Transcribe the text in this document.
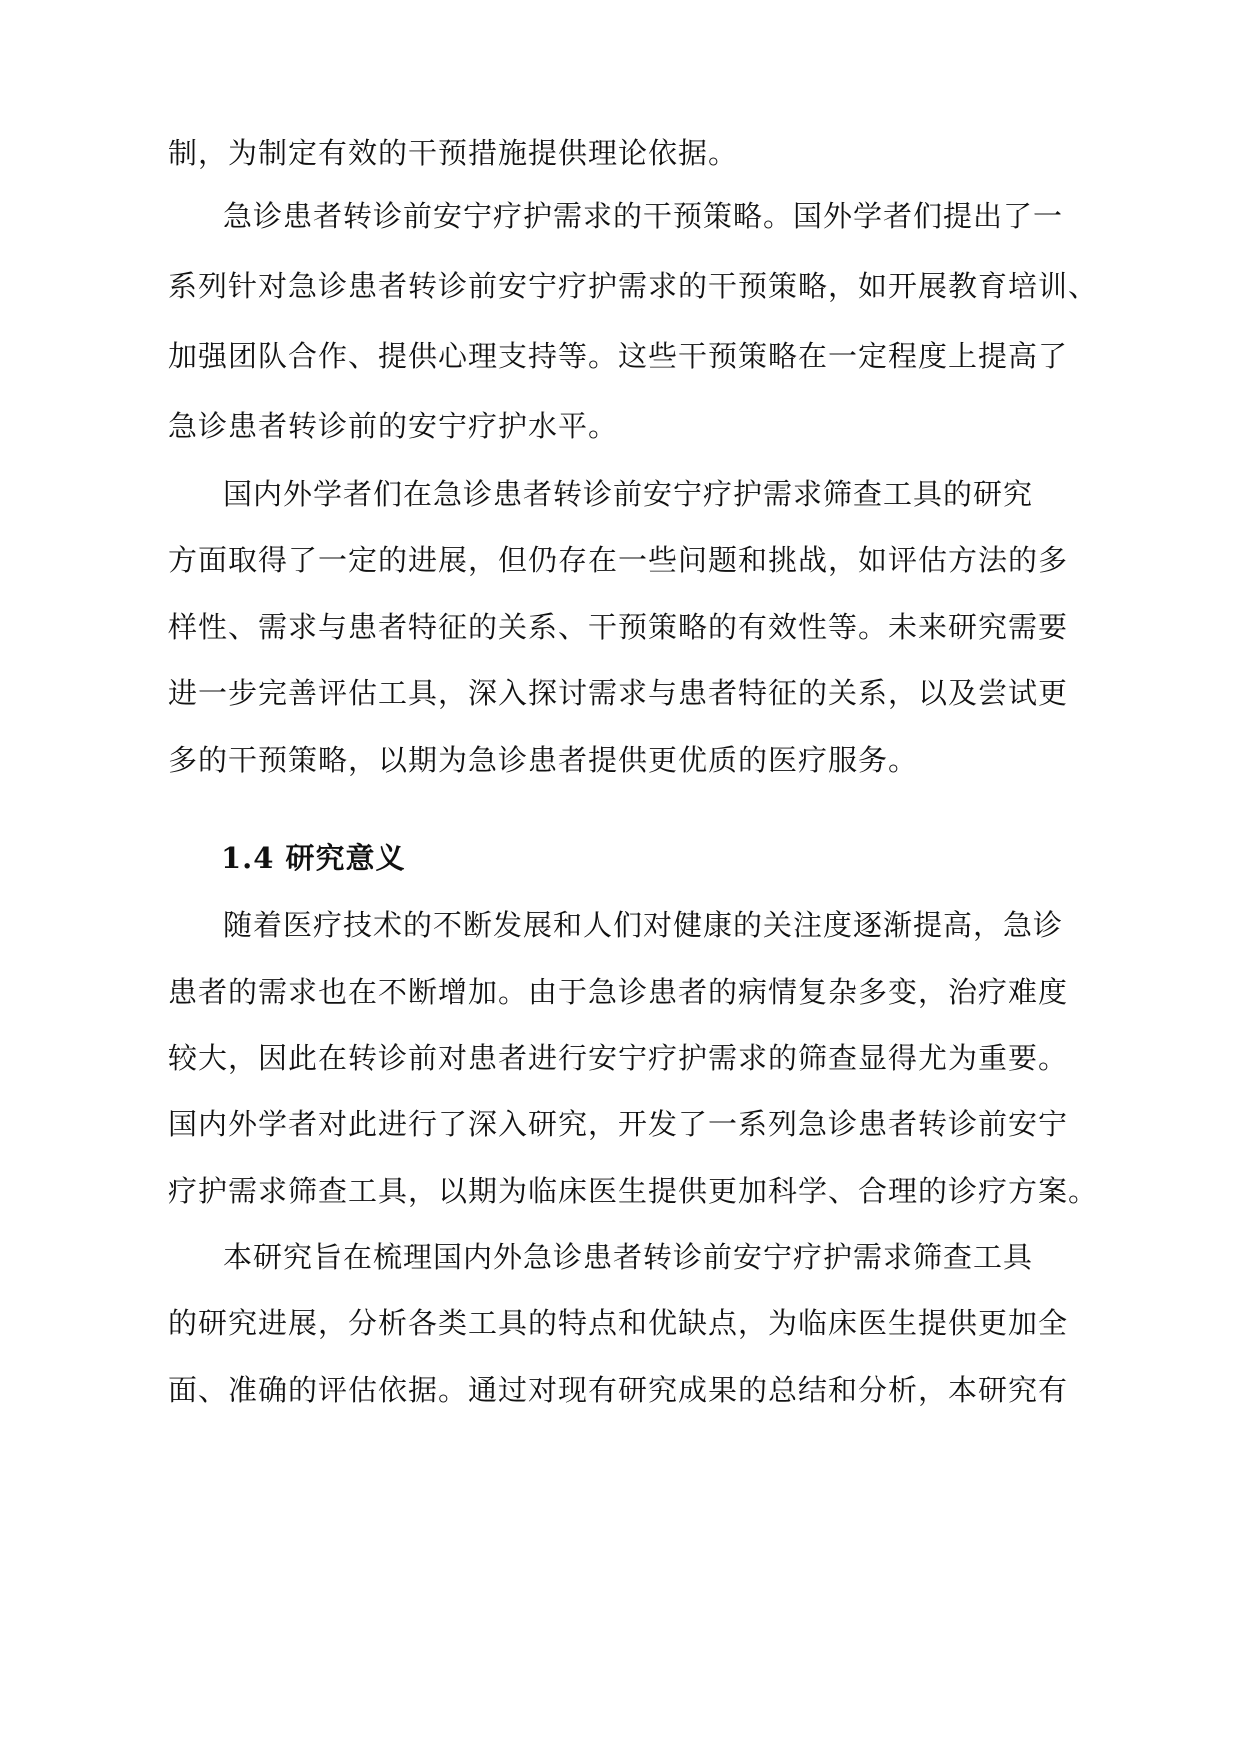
制，为制定有效的干预措施提供理论依据。
急诊患者转诊前安宁疗护需求的干预策略。国外学者们提出了一
系列针对急诊患者转诊前安宁疗护需求的干预策略，如开展教育培训、
加强团队合作、提供心理支持等。这些干预策略在一定程度上提高了
急诊患者转诊前的安宁疗护水平。
国内外学者们在急诊患者转诊前安宁疗护需求筛查工具的研究
方面取得了一定的进展，但仍存在一些问题和挑战，如评估方法的多
样性、需求与患者特征的关系、干预策略的有效性等。未来研究需要
进一步完善评估工具，深入探讨需求与患者特征的关系，以及尝试更
多的干预策略，以期为急诊患者提供更优质的医疗服务。
1.4 研究意义
随着医疗技术的不断发展和人们对健康的关注度逐渐提高，急诊
患者的需求也在不断增加。由于急诊患者的病情复杂多变，治疗难度
较大，因此在转诊前对患者进行安宁疗护需求的筛查显得尤为重要。
国内外学者对此进行了深入研究，开发了一系列急诊患者转诊前安宁
疗护需求筛查工具，以期为临床医生提供更加科学、合理的诊疗方案。
本研究旨在梳理国内外急诊患者转诊前安宁疗护需求筛查工具
的研究进展，分析各类工具的特点和优缺点，为临床医生提供更加全
面、准确的评估依据。通过对现有研究成果的总结和分析，本研究有
